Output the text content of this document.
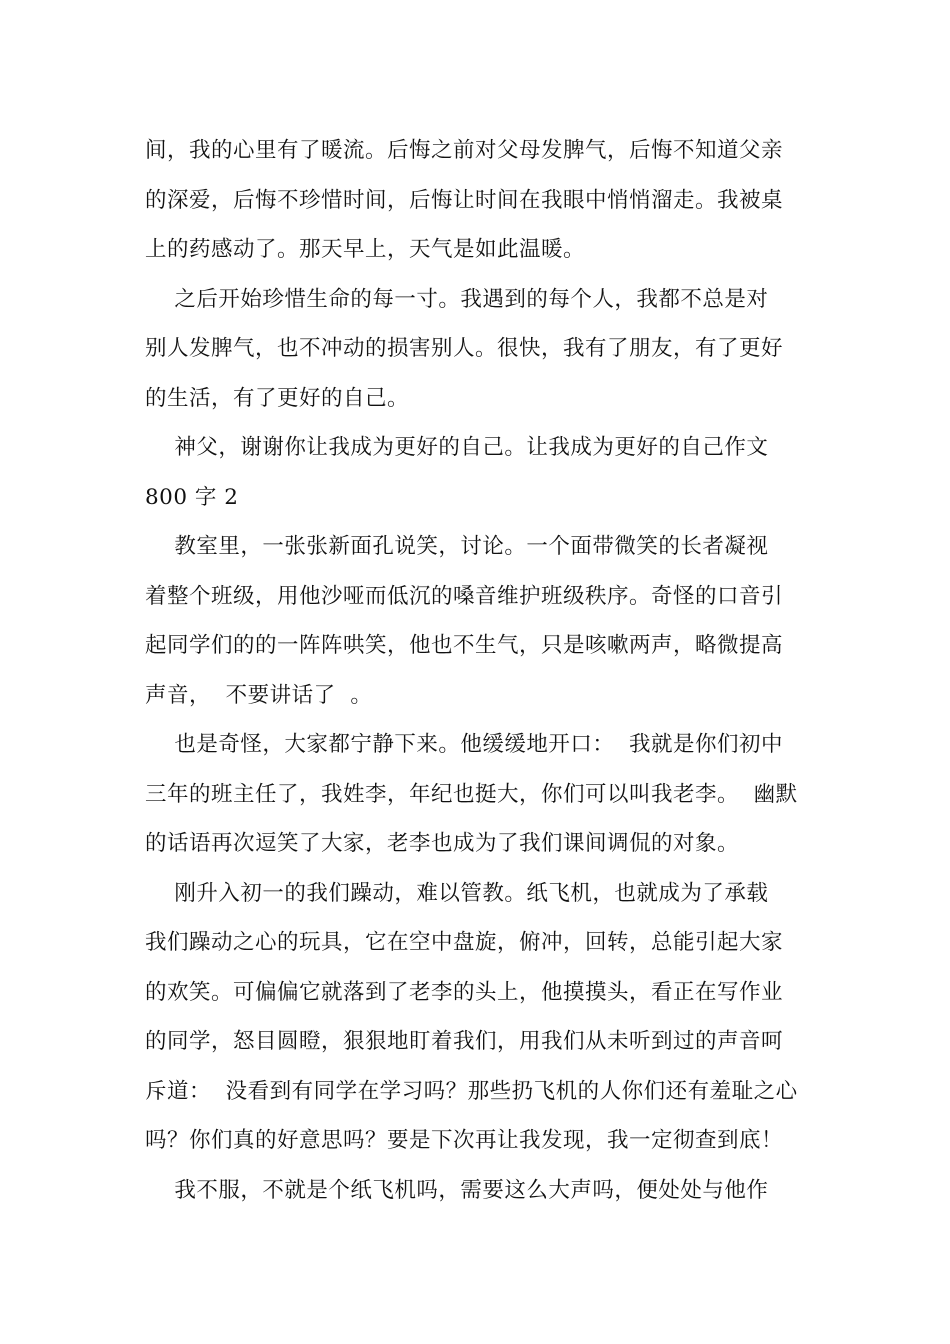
间，我的心里有了暖流。后悔之前对父母发脾气，后悔不知道父亲
的深爱，后悔不珍惜时间，后悔让时间在我眼中悄悄溜走。我被桌
上的药感动了。那天早上，天气是如此温暖。
之后开始珍惜生命的每一寸。我遇到的每个人，我都不总是对
别人发脾气，也不冲动的损害别人。很快，我有了朋友，有了更好
的生活，有了更好的自己。
神父，谢谢你让我成为更好的自己。让我成为更好的自己作文
800 字 2
教室里，一张张新面孔说笑，讨论。一个面带微笑的长者凝视
着整个班级，用他沙哑而低沉的嗓音维护班级秩序。奇怪的口音引
起同学们的的一阵阵哄笑，他也不生气，只是咳嗽两声，略微提高
声音，  不要讲话了  。
也是奇怪，大家都宁静下来。他缓缓地开口：  我就是你们初中
三年的班主任了，我姓李，年纪也挺大，你们可以叫我老李。  幽默
的话语再次逗笑了大家，老李也成为了我们课间调侃的对象。
刚升入初一的我们躁动，难以管教。纸飞机，也就成为了承载
我们躁动之心的玩具，它在空中盘旋，俯冲，回转，总能引起大家
的欢笑。可偏偏它就落到了老李的头上，他摸摸头，看正在写作业
的同学，怒目圆瞪，狠狠地盯着我们，用我们从未听到过的声音呵
斥道：  没看到有同学在学习吗？那些扔飞机的人你们还有羞耻之心
吗？你们真的好意思吗？要是下次再让我发现，我一定彻查到底！
我不服，不就是个纸飞机吗，需要这么大声吗，便处处与他作
